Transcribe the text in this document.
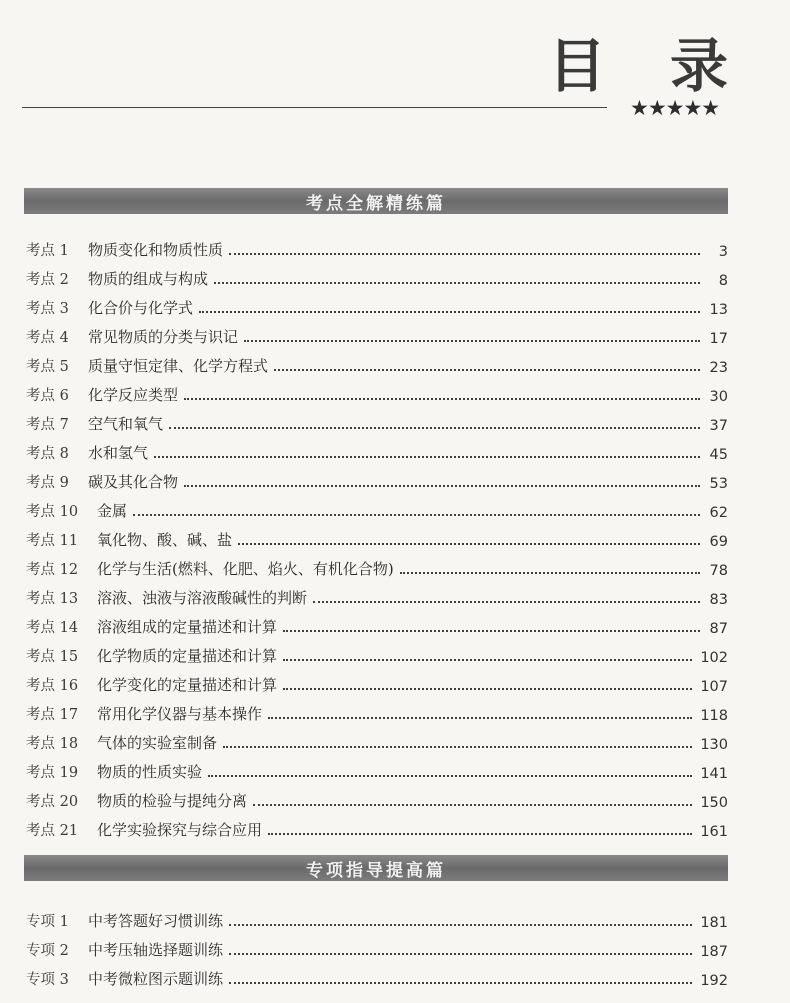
目 录
★★★★★
考点全解精练篇
考点 1	物质变化和物质性质	3
考点 2	物质的组成与构成	8
考点 3	化合价与化学式	13
考点 4	常见物质的分类与识记	17
考点 5	质量守恒定律、化学方程式	23
考点 6	化学反应类型	30
考点 7	空气和氧气	37
考点 8	水和氢气	45
考点 9	碳及其化合物	53
考点 10	金属	62
考点 11	氧化物、酸、碱、盐	69
考点 12	化学与生活(燃料、化肥、焰火、有机化合物)	78
考点 13	溶液、浊液与溶液酸碱性的判断	83
考点 14	溶液组成的定量描述和计算	87
考点 15	化学物质的定量描述和计算	102
考点 16	化学变化的定量描述和计算	107
考点 17	常用化学仪器与基本操作	118
考点 18	气体的实验室制备	130
考点 19	物质的性质实验	141
考点 20	物质的检验与提纯分离	150
考点 21	化学实验探究与综合应用	161
专项指导提高篇
专项 1	中考答题好习惯训练	181
专项 2	中考压轴选择题训练	187
专项 3	中考微粒图示题训练	192
